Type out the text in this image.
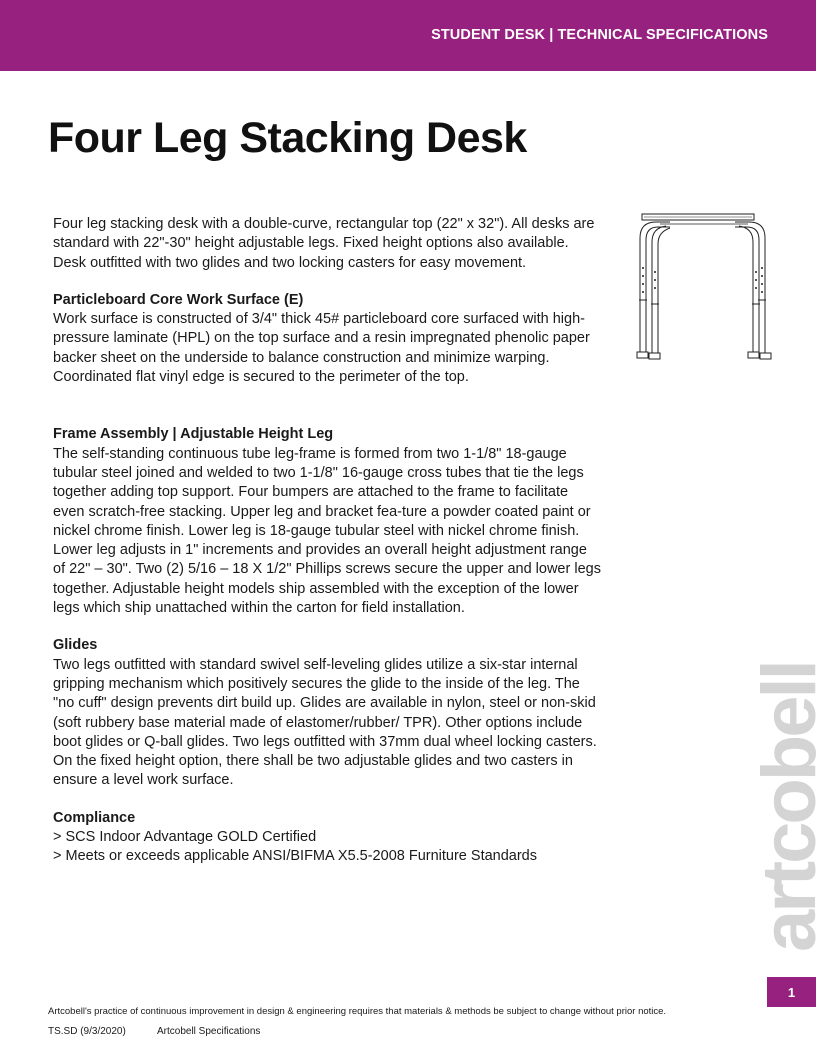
STUDENT DESK | TECHNICAL SPECIFICATIONS
Four Leg Stacking Desk

Four leg stacking desk with a double-curve, rectangular top (22" x 32"). All desks are standard with 22"-30" height adjustable legs. Fixed height options also available. Desk outfitted with two glides and two locking casters for easy movement.

Particleboard Core Work Surface (E)

Work surface is constructed of 3/4" thick 45# particleboard core surfaced with high-pressure laminate (HPL) on the top surface and a resin impregnated phenolic paper backer sheet on the underside to balance construction and minimize warping. Coordinated flat vinyl edge is secured to the perimeter of the top.

Frame Assembly | Adjustable Height Leg

The self-standing continuous tube leg-frame is formed from two 1-1/8" 18-gauge tubular steel joined and welded to two 1-1/8" 16-gauge cross tubes that tie the legs together adding top support. Four bumpers are attached to the frame to facilitate even scratch-free stacking. Upper leg and bracket fea-ture a powder coated paint or nickel chrome finish. Lower leg is 18-gauge tubular steel with nickel chrome finish. Lower leg adjusts in 1" increments and provides an overall height adjustment range of 22" – 30". Two (2) 5/16 – 18 X 1/2" Phillips screws secure the upper and lower legs together. Adjustable height models ship assembled with the exception of the lower legs which ship unattached within the carton for field installation.

Glides

Two legs outfitted with standard swivel self-leveling glides utilize a six-star internal gripping mechanism which positively secures the glide to the inside of the leg. The "no cuff" design prevents dirt build up. Glides are available in nylon, steel or non-skid (soft rubbery base material made of elastomer/rubber/ TPR). Other options include boot glides or Q-ball glides. Two legs outfitted with 37mm dual wheel locking casters. On the fixed height option, there shall be two adjustable glides and two casters in ensure a level work surface.

Compliance

> SCS Indoor Advantage GOLD Certified

> Meets or exceeds applicable ANSI/BIFMA X5.5-2008 Furniture Standards	artcobell
1
Artcobell's practice of continuous improvement in design & engineering requires that materials & methods be subject to change without prior notice.
TS.SD (9/3/2020)	Artcobell Specifications
